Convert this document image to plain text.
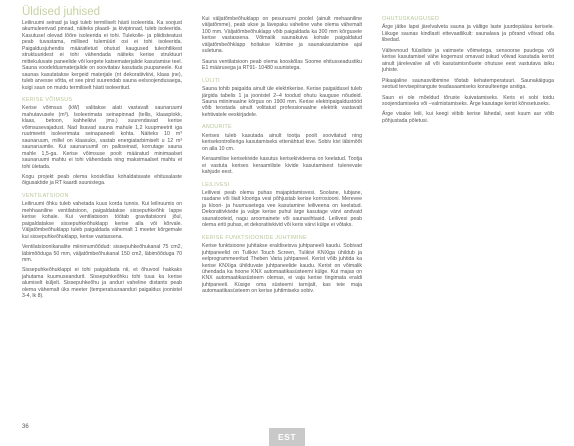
Üldised juhised

Leiliruumi seinad ja lagi tuleb termiliselt hästi isoleerida. Ka soojust akumuleerivad pinnad, näiteks plaadi- ja kivipinnad, tuleb isoleerida. Kasutusel olevad lõõre isoleerida ei tohi. Tulekolle- ja pliidisteatusi peab tuvastama, millised tulemüüri osi ei tohi isoleerida. Paigaldusjuhendis määratletud ohutud kaugused tuleohtlikest struktuuridest ei tohi vähendada näiteks kerise struktuuri mittekuluvate paneelide või kergete katsematerjalide kasutamise teel. Sauna voodeldusmaterjalide on soovitatav kasutada puupaneele. Kui saunas kasutatakse kergeid materjale (nt dekoratiivkivi, klaas jne), tuleb arvesse võtta, et see pind suurendab sauna eelsoojendusaega, kuigi saun on muidu termiliselt hästi isoleeritud.

KERISE VÕIMSUS

Kerise võimsus (kW) valitakse alati vastavalt saunaruumi mahutavusele (m³). Isoleerimata seinapinnad (tellis, klaasplokk, klaas, betoon, kahhelkivi jms.) suurendavad kerise võimsusevajadust. Nad lisavad sauna mahule 1,2 kuupmeetrit iga ruutmeetri isoleerimata seinapaneeli kohta. Näiteks 10 m³ saunaruum, millel on klaasuks, vastab energiatarbimiselt u 12 m³ saunaruumile. Kui saunaruumil on palkseinad, korrutage sauna mahle 1,5-ga. Kerise võimsuse poolt määratud minimaalset saunaruumi mahtu ei tohi vähendada ning maksimaalset mahtu ei tohi ületada.

Kogu projekt peab olema kooskõlas kohaldatavate ehitusalaste õigusaktide ja RT kaardi suunistega.

VENTILATSIOON

Leiliruumi õhku tuleb vahetada kuus korda tunnis. Kui leiliruumis on mehhaaniline ventilatsioon, paigaldatakse sissepuhkeõhk lappe kerise kohale. Kui ventilatsioon töötab gravitatsiooni jõul, paigaldatakse sissepuhkeõhuklapp kerise alla või kõrvale. Väljatõmbeõhuklapp tuleb paigaldada vähemalt 1 meeter kõrgemale kui sissepuhkeõhuklapp, kerise vastassena.

Ventilatsioonikanalite miinimumõõdud: sissepuhkeõhukanal 75 cm2, läbimõõduga 50 mm, väljatõmbeõhukanal 150 cm2, läbimõõduga 70 mm.

Sissepuhkeõhuklappi ei tohi paigaldada nii, et õhuvool hakkaks jahutama kuumuseandurit. Sissepuhkeõhku tohi tuua ka kerise alumiselt küljelt. Sissepuhkeõhu ja anduri vaheline distants peab olema vähemalt üks meeter (temperatuuraanduri paigaldus joonistel 3-4, lk 8).

Kui väljatõmbeõhuklapp on pesuruumi poolel (ainult mehaaniline väljatõmme), peab ukse ja lävepaku vaheline vahe olema vähemalt 100 mm. Väljatõmbeõhuklapp võib paigaldada ka 300 mm kõrgusele kerise vastassena. Võimalik saunakuiva kohale paigaldatud väljatõmbeõhklapp hoitakse kütmise ja saunakasutamise ajal suletuna.

Sauna ventilatsioon peab olema kooskõlas Soome ehitusseadustiku E1 määrusega ja RT91- 10480 suunistega.

LÜLITI

Sauna tohib paigalda ainult üle elektrikerise. Kerise paigaldusel tuleb järgida tabelis 1 ja joonistel 2–4 toodud ohutu kauguse nõudeid. Sauna miinimaalne kõrgus on 1900 mm. Kerise elektripaigaldustööd võib teostada ainult volitatud professionaalne elektrik vastavalt kehtivatele eeskirjadele.

ANDURITE

Kerises tuleb kasutada ainult tootja poolt soovitatud ning kerisekontrolleriga kasutamiseks ettenähtud kive. Sobiv kivi läbimõõt on alla 10 cm.

Keraamilise kerisekivide kasutus kerisekivideena on keelatud. Tootja ei vastuta kerises keraamiliste kivide kasutamisest tulenevate kahjude eest.

LEILIVESI

Leilivesi peab olema puhas majapidamisvesi. Soolane, lubjane, raudane või liialt klooriga vesi põhjustab kerise korrosiooni. Merevee ja kloori- ja huumusetega vee kasutamine leiliveena on keelatud. Dekoratiivkivide ja valge kerise puhul ärge kasutage värvi andvaid saunatooteid, nagu aroomainete või saunavihtasid. Leilivesi peab olema eriti puhas, et dekoratiivkivid või keris värvi külge ei võtaks.

KERISE FUNKTSIOONIDE JUHTIMINE

Kerise funktsioone juhitakse eraldiseisva juhtpaneeli kaudu. Sobivad juhtpaneelid on Tulikivi Touch Screen, Tulikivi KNXiga ühildub ja eelprogrammeeritud Theben Varia juhtpaneel. Kerist võib juhtida ka kerise KNXiga ühilduvate juhtpaneelide kaudu. Kerist on võimalik ühendada ka hoone KNX automaatikasüsteemi külge. Kui majas on KNX automaatikasüsteem olemas, ei vaja kerise tingimata eraldi juhtpaneeli. Küsige oma süsteemi tarnijalt, kas teie maja automaatikasüsteem on kerise juhtimiseks sobiv.

OHUTUSKAUGUSED

Ärge jätke lapsi järelvalveta sauna ja vältige laste juurdepääsu kerisele. Liikuge saunas kindlasti ettevaatlikult: saunalava ja põrand võivad olla libedad.

Vältevnoud füüsiliste ja vaimsete võimetega, sensoorse puudega või kerise kasutamisel vähe kogemusi omavad isikud võivad kasutada kerist ainult järelevalve all või kasutamisnõuete ohutuse eest vastutava isiku juhiste.

Pikaajaline saunasviibimine tõstab kehatemperatuuri. Saunakäiguga seotud tervisepiirangute teadasaamiseks konsulteerige arstiga.

Saun ei ole mõeldud tõruste kuivatamiseks. Keris ei sobi toidu soojendamiseks või –valmistamiseks. Ärge kasutage kerist kõrvsetuseks.

Ärge visake leili, kui keegi viibib kerise lähedal, sest kuum aur võib põhjustada põletusi.

36
EST
